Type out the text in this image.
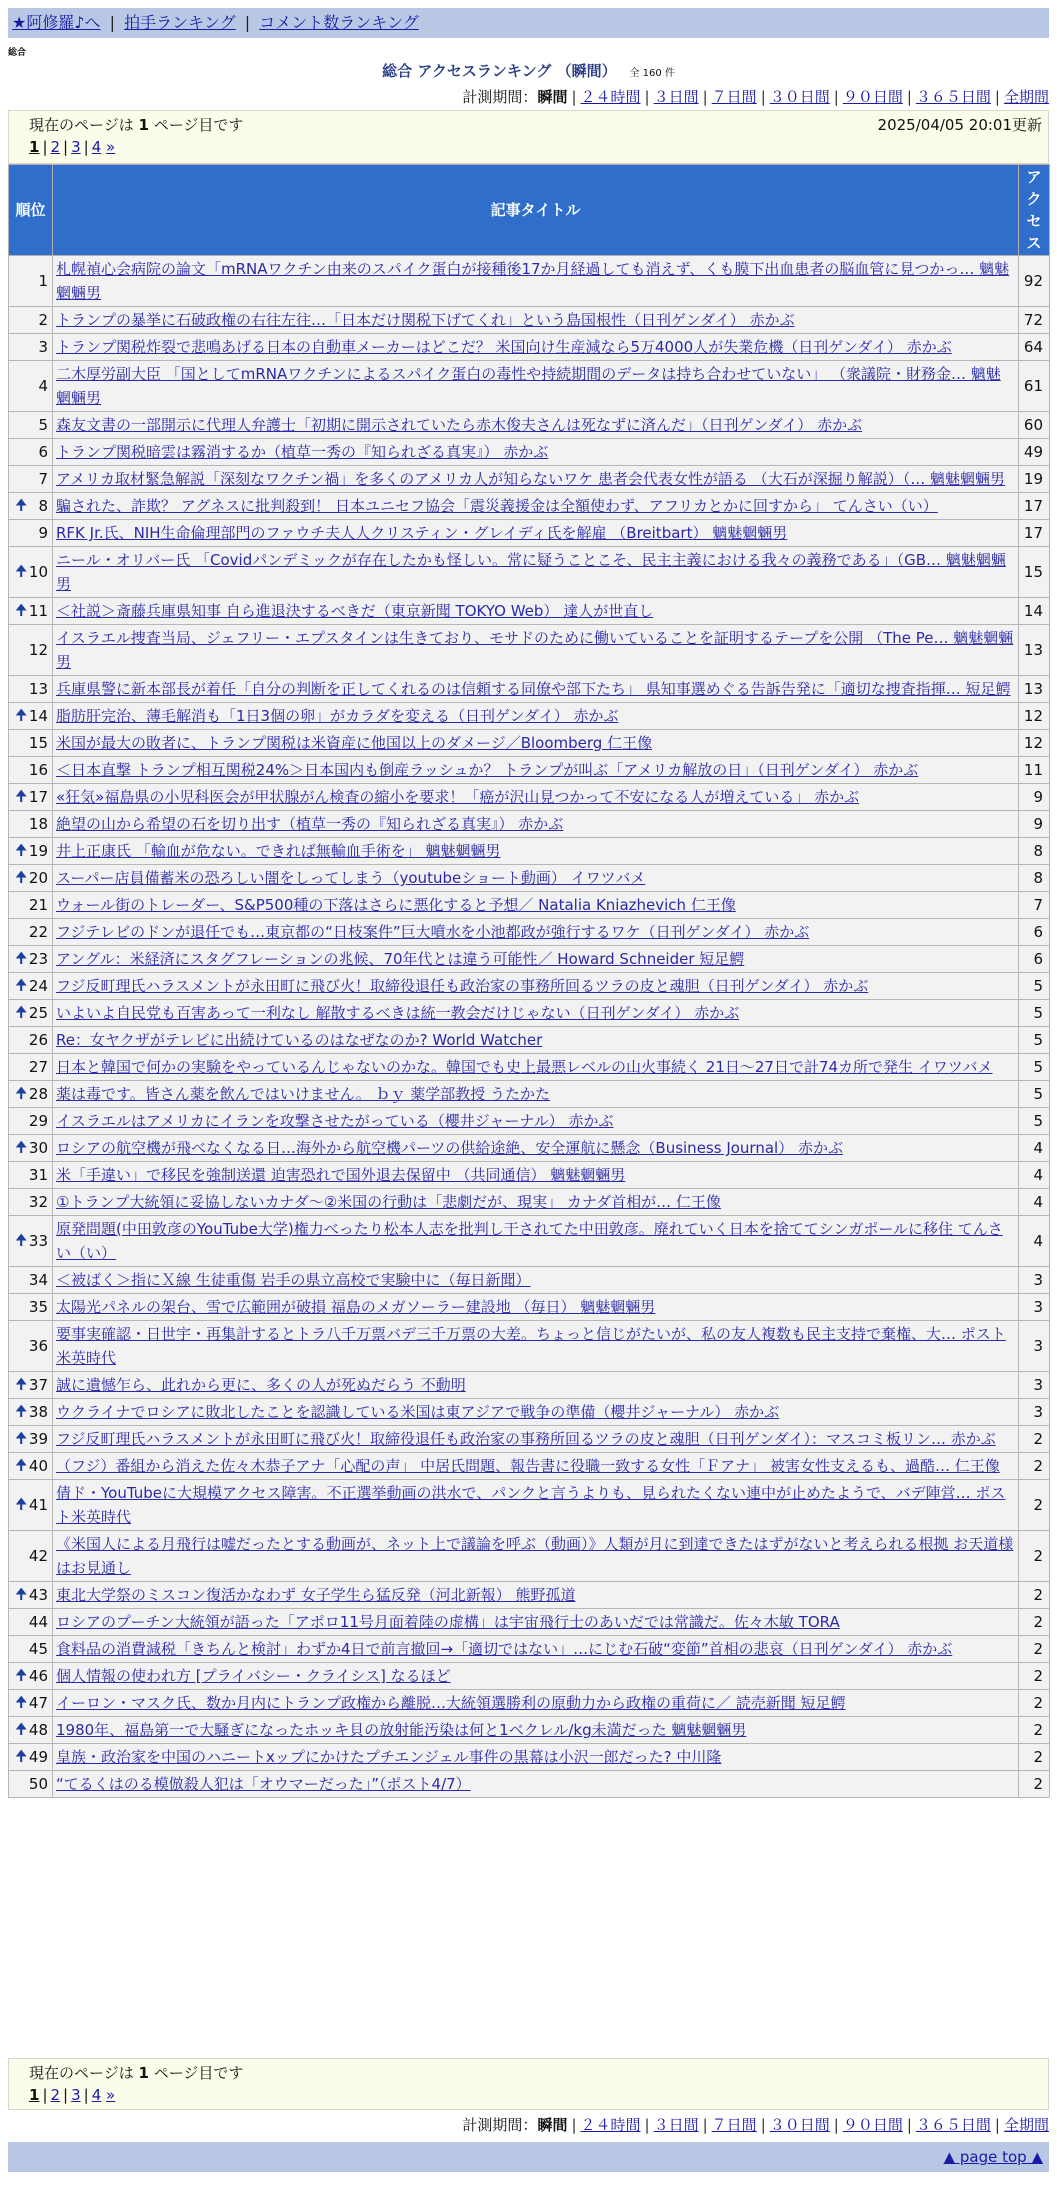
★阿修羅♪へ | 拍手ランキング | コメント数ランキング
総合
総合 アクセスランキング （瞬間） 全 160 件
計測期間：瞬間 | ２４時間 | ３日間 | ７日間 | ３０日間 | ９０日間 | ３６５日間 | 全期間
現在のページは 1 ページ目です
1 | 2 | 3 | 4 »
2025/04/05 20:01更新
順位	記事タイトル	アクセス
1	札幌禎心会病院の論文「mRNAワクチン由来のスパイク蛋白が接種後17か月経過しても消えず、くも膜下出血患者の脳血管に見つかっ… 魑魅魍魎男	92
2	トランプの暴挙に石破政権の右往左往…「日本だけ関税下げてくれ」という島国根性（日刊ゲンダイ） 赤かぶ	72
3	トランプ関税炸裂で悲鳴あげる日本の自動車メーカーはどこだ？ 米国向け生産減なら5万4000人が失業危機（日刊ゲンダイ） 赤かぶ	64
4	二木厚労副大臣 「国としてmRNAワクチンによるスパイク蛋白の毒性や持続期間のデータは持ち合わせていない」 （衆議院・財務金… 魑魅魍魎男	61
5	森友文書の一部開示に代理人弁護士「初期に開示されていたら赤木俊夫さんは死なずに済んだ」（日刊ゲンダイ） 赤かぶ	60
6	トランプ関税暗雲は霧消するか（植草一秀の『知られざる真実』） 赤かぶ	49
7	アメリカ取材緊急解説「深刻なワクチン禍」を多くのアメリカ人が知らないワケ 患者会代表女性が語る （大石が深掘り解説）（… 魑魅魍魎男	19

🠉 8	騙された、詐欺？ アグネスに批判殺到！ 日本ユニセフ協会「震災義援金は全額使わず、アフリカとかに回すから」 てんさい（い）	17
9	RFK Jr.氏、NIH生命倫理部門のファウチ夫人人クリスティン・グレイディ氏を解雇 （Breitbart） 魑魅魍魎男	17

🠉 10	ニール・オリバー氏 「Covidパンデミックが存在したかも怪しい。常に疑うことこそ、民主主義における我々の義務である」（GB… 魑魅魍魎男	15

🠉 11	＜社説＞斎藤兵庫県知事 自ら進退決するべきだ（東京新聞 TOKYO Web） 達人が世直し	14
12	イスラエル捜査当局、ジェフリー・エプスタインは生きており、モサドのために働いていることを証明するテープを公開 （The Pe… 魑魅魍魎男	13
13	兵庫県警に新本部長が着任「自分の判断を正してくれるのは信頼する同僚や部下たち」 県知事選めぐる告訴告発に「適切な捜査指揮… 短足鰐	13

🠉 14	脂肪肝完治、薄毛解消も「1日3個の卵」がカラダを変える（日刊ゲンダイ） 赤かぶ	12
15	米国が最大の敗者に、トランプ関税は米資産に他国以上のダメージ／Bloomberg 仁王像	12
16	＜日本直撃 トランプ相互関税24%＞日本国内も倒産ラッシュか？ トランプが叫ぶ「アメリカ解放の日」（日刊ゲンダイ） 赤かぶ	11

🠉 17	«狂気»福島県の小児科医会が甲状腺がん検査の縮小を要求！「癌が沢山見つかって不安になる人が増えている」 赤かぶ	9
18	絶望の山から希望の石を切り出す（植草一秀の『知られざる真実』） 赤かぶ	9

🠉 19	井上正康氏 「輸血が危ない。できれば無輸血手術を」 魑魅魍魎男	8

🠉 20	スーパー店員備蓄米の恐ろしい闇をしってしまう（youtubeショート動画） イワツバメ	8
21	ウォール街のトレーダー、S&P500種の下落はさらに悪化すると予想／ Natalia Kniazhevich 仁王像	7
22	フジテレビのドンが退任でも…東京都の“日枝案件”巨大噴水を小池都政が強行するワケ（日刊ゲンダイ） 赤かぶ	6

🠉 23	アングル：米経済にスタグフレーションの兆候、70年代とは違う可能性／ Howard Schneider 短足鰐	6

🠉 24	フジ反町理氏ハラスメントが永田町に飛び火！取締役退任も政治家の事務所回るツラの皮と魂胆（日刊ゲンダイ） 赤かぶ	5

🠉 25	いよいよ自民党も百害あって一利なし 解散するべきは統一教会だけじゃない（日刊ゲンダイ） 赤かぶ	5
26	Re：女ヤクザがテレビに出続けているのはなぜなのか? World Watcher	5
27	日本と韓国で何かの実験をやっているんじゃないのかな。韓国でも史上最悪レベルの山火事続く 21日～27日で計74カ所で発生 イワツバメ	5

🠉 28	薬は毒です。皆さん薬を飲んではいけません。 ｂｙ 薬学部教授 うたかた	5
29	イスラエルはアメリカにイランを攻撃させたがっている（櫻井ジャーナル） 赤かぶ	5

🠉 30	ロシアの航空機が飛べなくなる日…海外から航空機パーツの供給途絶、安全運航に懸念（Business Journal） 赤かぶ	4
31	米「手違い」で移民を強制送還 迫害恐れで国外退去保留中 （共同通信） 魑魅魍魎男	4
32	①トランプ大統領に妥協しないカナダ～②米国の行動は「悲劇だが、現実」 カナダ首相が… 仁王像	4

🠉 33	原発問題(中田敦彦のYouTube大学)権力べったり松本人志を批判し干されてた中田敦彦。廃れていく日本を捨ててシンガポールに移住 てんさい（い）	4
34	＜被ばく＞指にＸ線 生徒重傷 岩手の県立高校で実験中に（毎日新聞）	3
35	太陽光パネルの架台、雪で広範囲が破損 福島のメガソーラー建設地 （毎日） 魑魅魍魎男	3
36	要事実確認・日世宇・再集計するとトラ八千万票バデ三千万票の大差。ちょっと信じがたいが、私の友人複数も民主支持で棄権、大… ポスト米英時代	3

🠉 37	誠に遺憾乍ら、此れから更に、多くの人が死ぬだらう 不動明	3

🠉 38	ウクライナでロシアに敗北したことを認識している米国は東アジアで戦争の準備（櫻井ジャーナル） 赤かぶ	3

🠉 39	フジ反町理氏ハラスメントが永田町に飛び火！取締役退任も政治家の事務所回るツラの皮と魂胆（日刊ゲンダイ）：マスコミ板リン… 赤かぶ	2

🠉 40	（フジ）番組から消えた佐々木恭子アナ「心配の声」 中居氏問題、報告書に役職一致する女性「Ｆアナ」 被害女性支えるも、過酷… 仁王像	2

🠉 41	倩ド・YouTubeに大規模アクセス障害。不正選挙動画の洪水で、パンクと言うよりも、見られたくない連中が止めたようで、バデ陣営… ポスト米英時代	2
42	《米国人による月飛行は嘘だったとする動画が、ネット上で議論を呼ぶ（動画）》人類が月に到達できたはずがないと考えられる根拠 お天道様はお見通し	2

🠉 43	東北大学祭のミスコン復活かなわず 女子学生ら猛反発（河北新報） 熊野孤道	2
44	ロシアのプーチン大統領が語った「アポロ11号月面着陸の虚構」は宇宙飛行士のあいだでは常識だ。佐々木敏 TORA	2
45	食料品の消費減税「きちんと検討」わずか4日で前言撤回→「適切ではない」…にじむ石破“変節”首相の悲哀（日刊ゲンダイ） 赤かぶ	2

🠉 46	個人情報の使われ方 [プライバシー・クライシス] なるほど	2

🠉 47	イーロン・マスク氏、数か月内にトランプ政権から離脱…大統領選勝利の原動力から政権の重荷に／ 読売新聞 短足鰐	2

🠉 48	1980年、福島第一で大騒ぎになったホッキ貝の放射能汚染は何と1ベクレル/kg未満だった 魑魅魍魎男	2

🠉 49	皇族・政治家を中国のハニートxップにかけたプチエンジェル事件の黒幕は小沢一郎だった? 中川隆	2
50	“てるくはのる模倣殺人犯は「オウマーだった」”（ポスト4/7）	2
現在のページは 1 ページ目です
1 | 2 | 3 | 4 »
計測期間：瞬間 | ２４時間 | ３日間 | ７日間 | ３０日間 | ９０日間 | ３６５日間 | 全期間
▲ page top ▲
